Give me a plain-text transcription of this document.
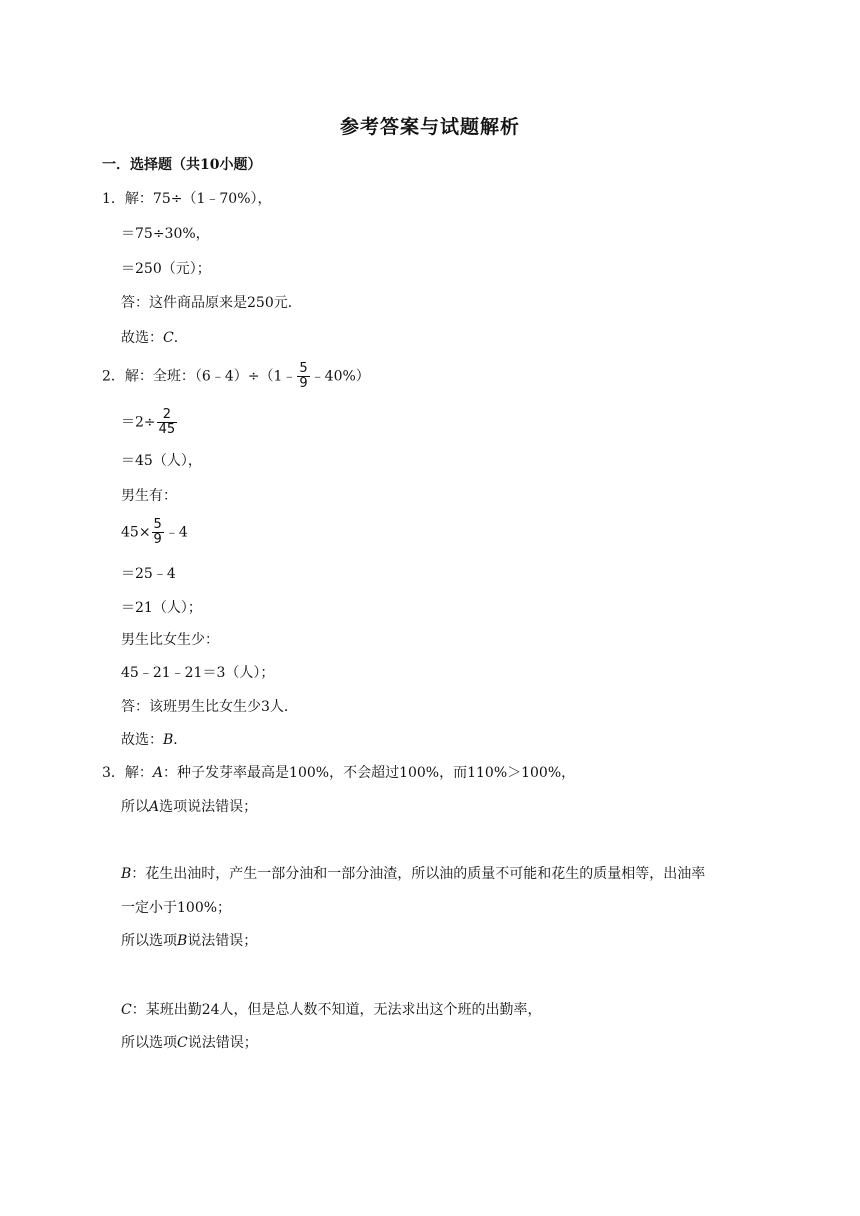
参考答案与试题解析
一．选择题（共10小题）
1．解：75÷（1﹣70%），
＝75÷30%，
＝250（元）；
答：这件商品原来是250元．
故选：C．
2．解：全班：（6﹣4）÷（1﹣ $\frac{5}{9}$ ﹣40%）
$=2\div \frac{2}{45}$
＝45（人），
男生有：
$45\times \frac{5}{9}$ ﹣4
＝25﹣4
＝21（人）；
男生比女生少：
45﹣21﹣21＝3（人）；
答：该班男生比女生少3人．
故选：B．
3．解：A：种子发芽率最高是100%，不会超过100%，而110%＞100%，
所以A选项说法错误；
B：花生出油时，产生一部分油和一部分油渣，所以油的质量不可能和花生的质量相等，出油率
一定小于100%；
所以选项B说法错误；
C：某班出勤24人，但是总人数不知道，无法求出这个班的出勤率，
所以选项C说法错误；
